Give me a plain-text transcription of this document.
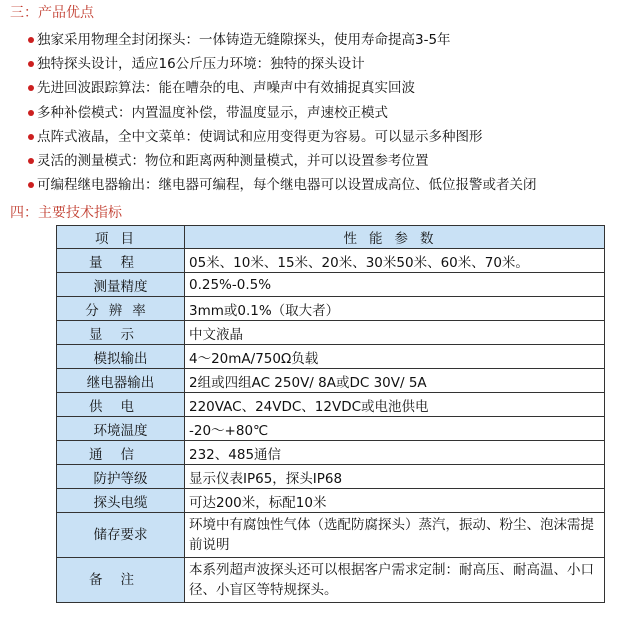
三：产品优点
独家采用物理全封闭探头：一体铸造无缝隙探头，使用寿命提高3-5年
独特探头设计，适应16公斤压力环境：独特的探头设计
先进回波跟踪算法：能在嘈杂的电、声噪声中有效捕捉真实回波
多种补偿模式：内置温度补偿，带温度显示，声速校正模式
点阵式液晶，全中文菜单：使调试和应用变得更为容易。可以显示多种图形
灵活的测量模式：物位和距离两种测量模式，并可以设置参考位置
可编程继电器输出：继电器可编程，每个继电器可以设置成高位、低位报警或者关闭
四：主要技术指标
项目	性能参数
量程	05米、10米、15米、20米、30米50米、60米、70米。
测量精度	0.25%-0.5%
分辨率	3mm或0.1%（取大者）
显示	中文液晶
模拟输出	4～20mA/750Ω负载
继电器输出	2组或四组AC 250V/ 8A或DC 30V/ 5A
供电	220VAC、24VDC、12VDC或电池供电
环境温度	-20～+80℃
通信	232、485通信
防护等级	显示仪表IP65，探头IP68
探头电缆	可达200米，标配10米
储存要求	环境中有腐蚀性气体（选配防腐探头）蒸汽，振动、粉尘、泡沫需提前说明
备注	本系列超声波探头还可以根据客户需求定制：耐高压、耐高温、小口径、小盲区等特规探头。
